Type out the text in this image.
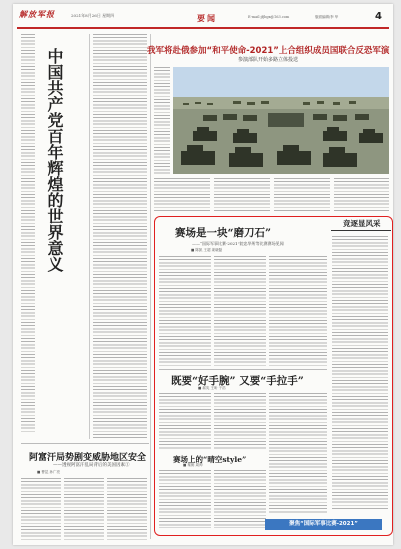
解放军报	2021年8月26日 星期四	要闻	E-mail:jfjbgx@163.com	版面编辑/李 华	4
中国共产党百年辉煌的世界意义
阿富汗局势剧变威胁地区安全
——透视阿富汗乱局背后的美国因素①
■ 曹昆 孙广亮
我军将赴俄参加“和平使命-2021”上合组织成员国联合反恐军演
参演部队开始多路立体投送
竞逐显风采
赛场是一块“磨刀石”
——“国际军事比赛-2021”院忠华所等比赛赛场见闻
■ 陈凯 王超 姜晓磊
既要“好手腕” 又要“手拉手”
■ 郝宪 王昕 于浩
赛场上的“晴空style”
■ 秦朗 周帅
聚焦“国际军事比赛-2021”
